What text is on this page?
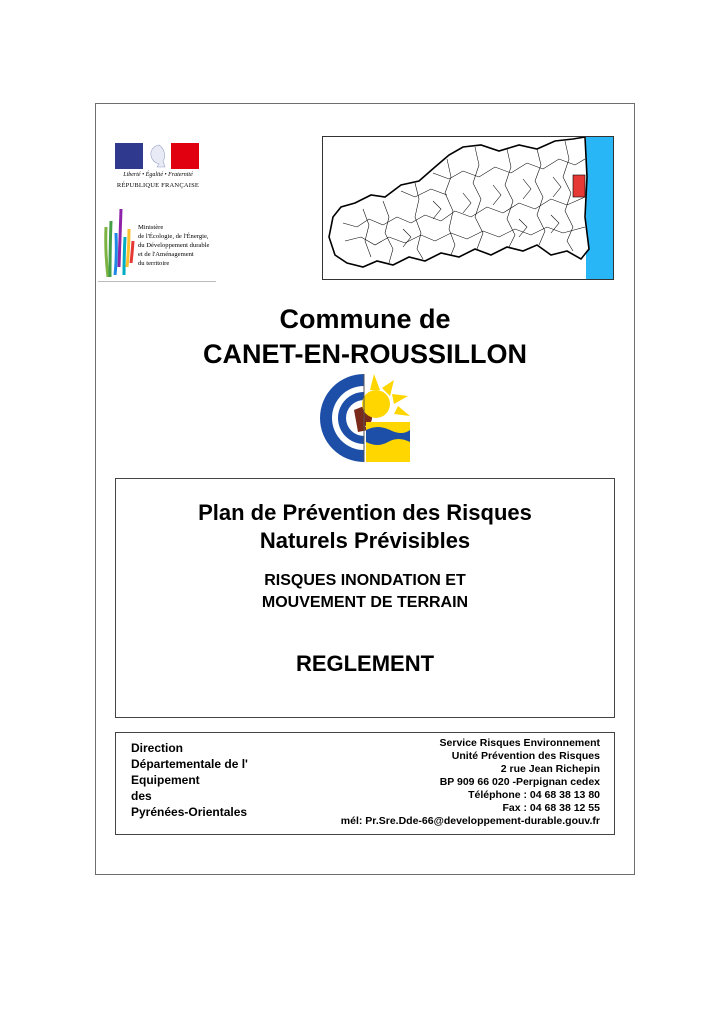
Liberté • Égalité • Fraternité
RÉPUBLIQUE FRANÇAISE
Ministère
de l'Écologie, de l'Énergie,
du Développement durable
et de l'Aménagement
du territoire
Commune de
CANET-EN-ROUSSILLON
Plan de Prévention des Risques
Naturels Prévisibles
RISQUES INONDATION ET
MOUVEMENT DE TERRAIN
REGLEMENT
Direction
Départementale de l'
Equipement
des
Pyrénées-Orientales
Service Risques Environnement
Unité Prévention des Risques
2 rue Jean Richepin
BP 909 66 020 -Perpignan cedex
Téléphone : 04 68 38 13 80
Fax : 04 68 38 12 55
mél: Pr.Sre.Dde-66@developpement-durable.gouv.fr
